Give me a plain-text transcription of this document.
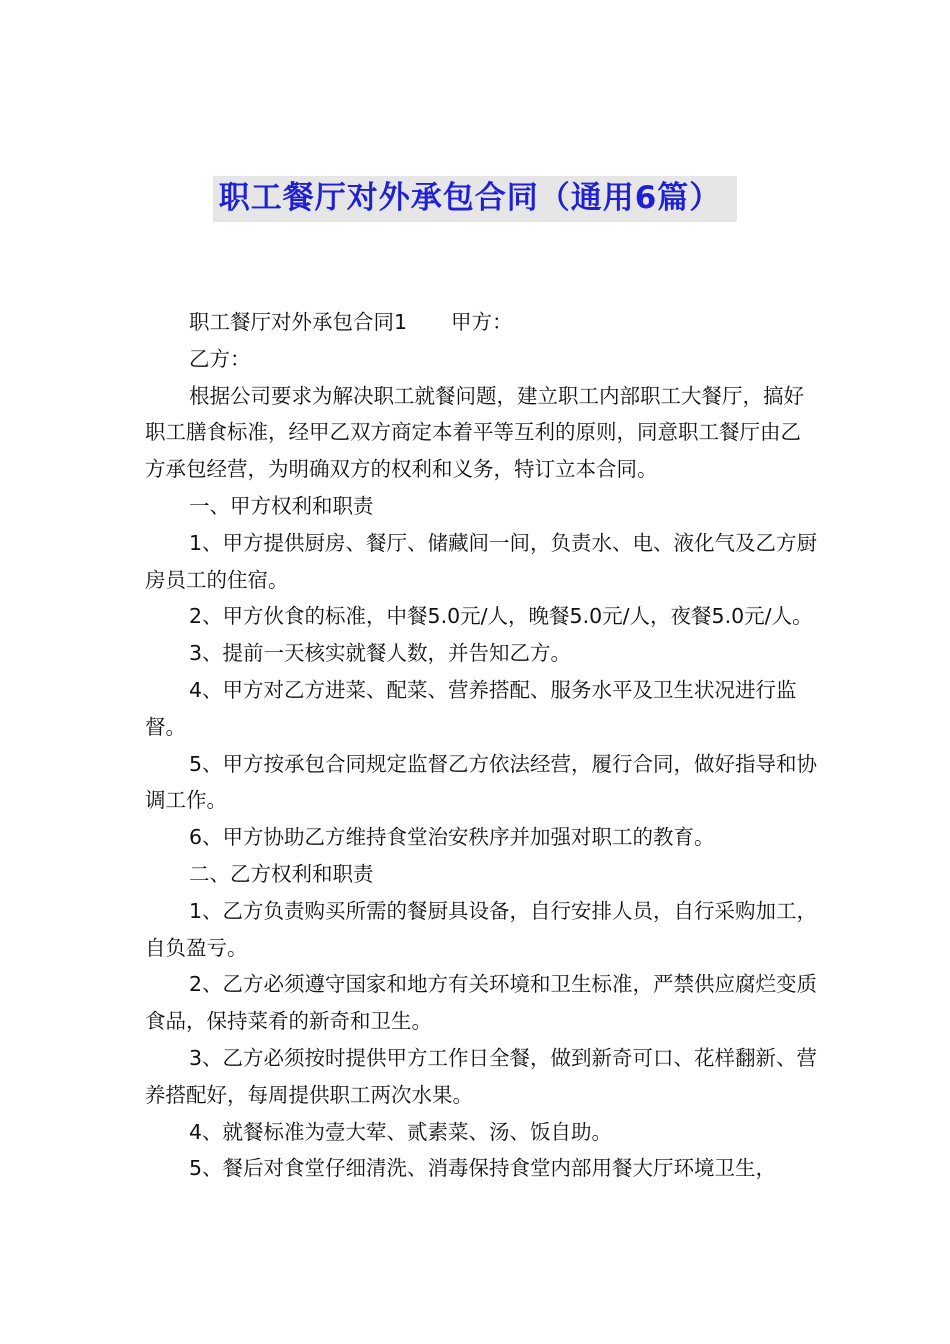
职工餐厅对外承包合同（通用6篇）

职工餐厅对外承包合同1 甲方：

乙方：

根据公司要求为解决职工就餐问题，建立职工内部职工大餐厅，搞好职工膳食标准，经甲乙双方商定本着平等互利的原则，同意职工餐厅由乙方承包经营，为明确双方的权利和义务，特订立本合同。

一、甲方权利和职责

1、甲方提供厨房、餐厅、储藏间一间，负责水、电、液化气及乙方厨房员工的住宿。

2、甲方伙食的标准，中餐5.0元/人，晚餐5.0元/人，夜餐5.0元/人。

3、提前一天核实就餐人数，并告知乙方。

4、甲方对乙方进菜、配菜、营养搭配、服务水平及卫生状况进行监督。

5、甲方按承包合同规定监督乙方依法经营，履行合同，做好指导和协调工作。

6、甲方协助乙方维持食堂治安秩序并加强对职工的教育。

二、乙方权利和职责

1、乙方负责购买所需的餐厨具设备，自行安排人员，自行采购加工，自负盈亏。

2、乙方必须遵守国家和地方有关环境和卫生标准，严禁供应腐烂变质食品，保持菜肴的新奇和卫生。

3、乙方必须按时提供甲方工作日全餐，做到新奇可口、花样翻新、营养搭配好，每周提供职工两次水果。

4、就餐标准为壹大荤、贰素菜、汤、饭自助。

5、餐后对食堂仔细清洗、消毒保持食堂内部用餐大厅环境卫生，
